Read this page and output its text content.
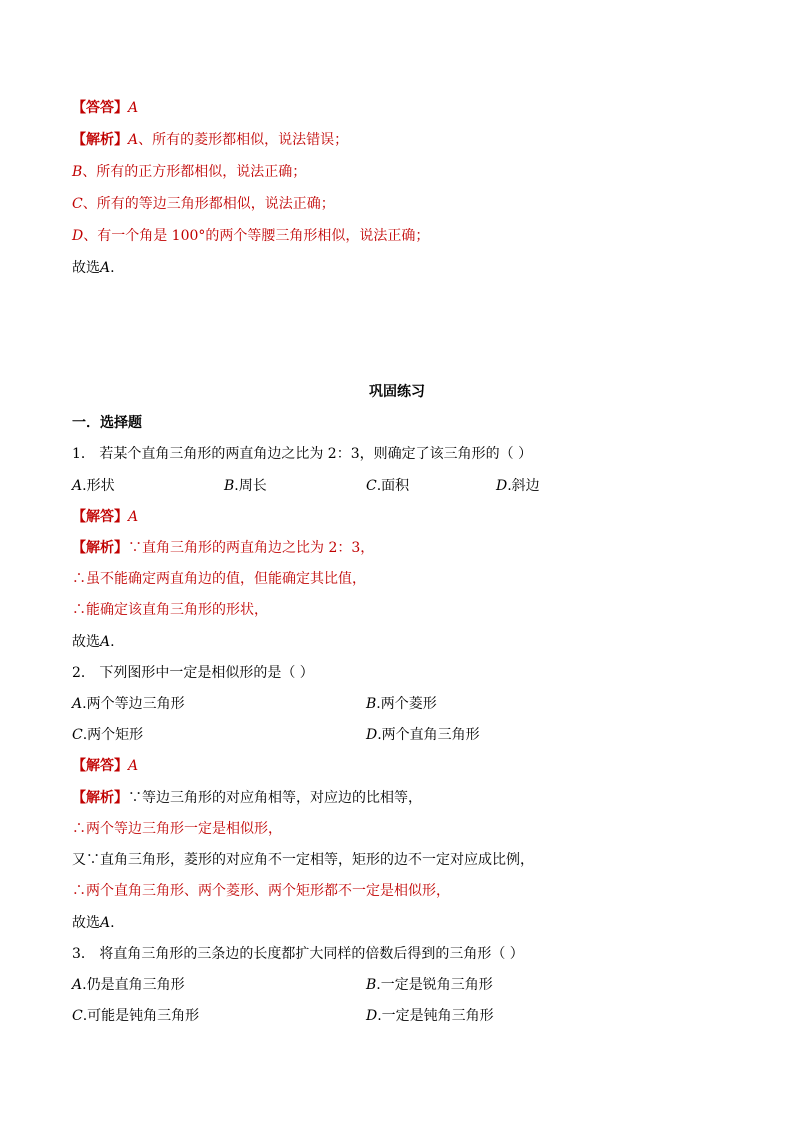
【答答】A
【解析】A、所有的菱形都相似，说法错误；
B、所有的正方形都相似，说法正确；
C、所有的等边三角形都相似，说法正确；
D、有一个角是 100°的两个等腰三角形相似，说法正确；
故选A.
巩固练习
一．选择题
1． 若某个直角三角形的两直角边之比为 2：3，则确定了该三角形的（ ）
A.形状	B.周长	C.面积	D.斜边
【解答】A
【解析】∵直角三角形的两直角边之比为 2：3，
∴虽不能确定两直角边的值，但能确定其比值，
∴能确定该直角三角形的形状，
故选A.
2． 下列图形中一定是相似形的是（ ）
A.两个等边三角形	B.两个菱形
C.两个矩形	D.两个直角三角形
【解答】A
【解析】∵等边三角形的对应角相等，对应边的比相等，
∴两个等边三角形一定是相似形，
又∵直角三角形，菱形的对应角不一定相等，矩形的边不一定对应成比例，
∴两个直角三角形、两个菱形、两个矩形都不一定是相似形，
故选A.
3． 将直角三角形的三条边的长度都扩大同样的倍数后得到的三角形（ ）
A.仍是直角三角形	B.一定是锐角三角形
C.可能是钝角三角形	D.一定是钝角三角形
